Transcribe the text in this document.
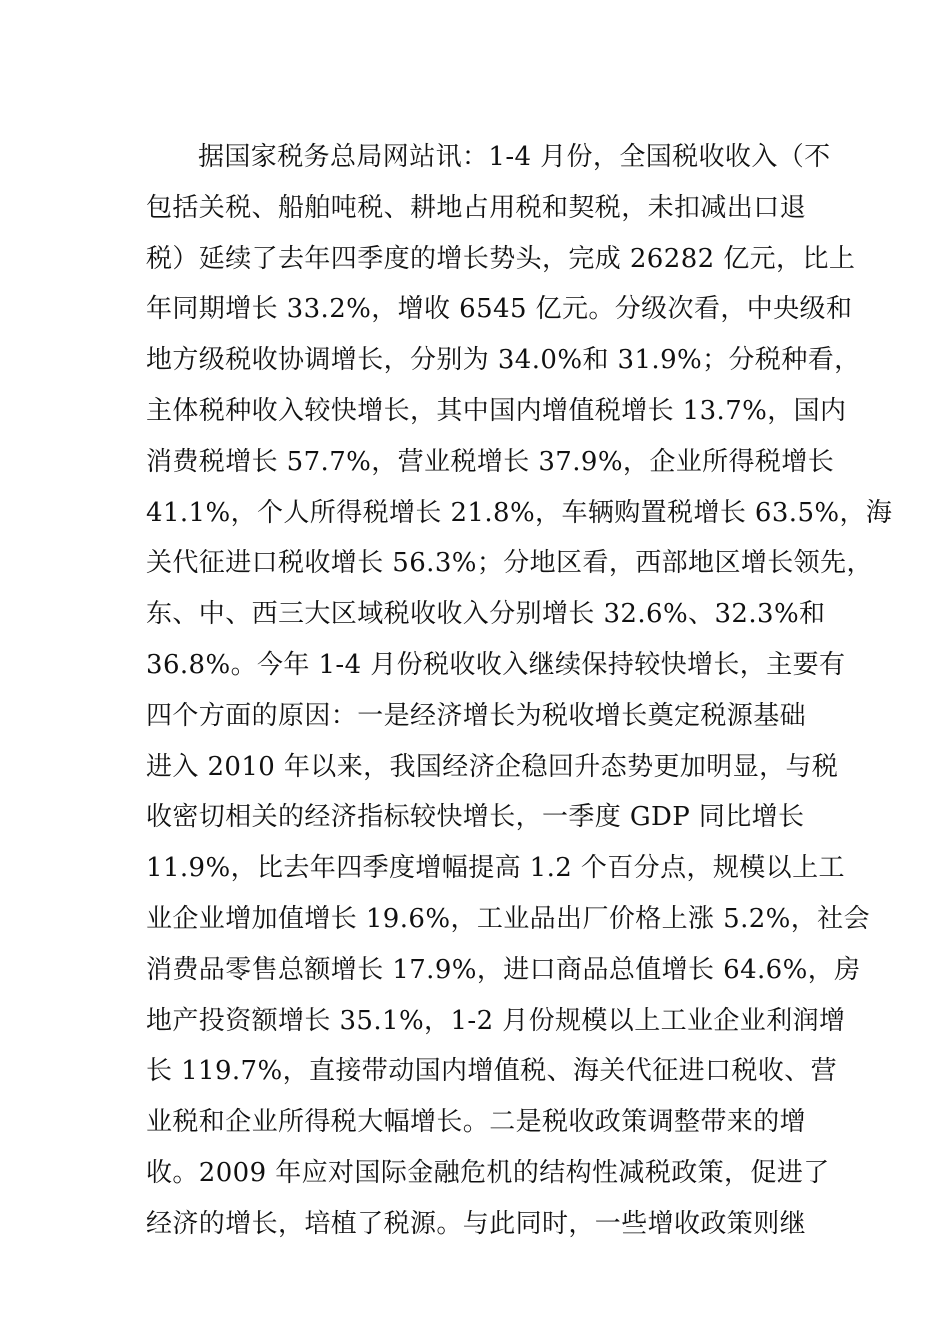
据国家税务总局网站讯：1-4 月份，全国税收收入（不
包括关税、船舶吨税、耕地占用税和契税，未扣减出口退
税）延续了去年四季度的增长势头，完成 26282 亿元，比上
年同期增长 33.2%，增收 6545 亿元。分级次看，中央级和
地方级税收协调增长，分别为 34.0%和 31.9%；分税种看，
主体税种收入较快增长，其中国内增值税增长 13.7%，国内
消费税增长 57.7%，营业税增长 37.9%，企业所得税增长
41.1%，个人所得税增长 21.8%，车辆购置税增长 63.5%，海
关代征进口税收增长 56.3%；分地区看，西部地区增长领先，
东、中、西三大区域税收收入分别增长 32.6%、32.3%和
36.8%。今年 1-4 月份税收收入继续保持较快增长，主要有
四个方面的原因：一是经济增长为税收增长奠定税源基础
进入 2010 年以来，我国经济企稳回升态势更加明显，与税
收密切相关的经济指标较快增长，一季度 GDP 同比增长
11.9%，比去年四季度增幅提高 1.2 个百分点，规模以上工
业企业增加值增长 19.6%，工业品出厂价格上涨 5.2%，社会
消费品零售总额增长 17.9%，进口商品总值增长 64.6%，房
地产投资额增长 35.1%，1-2 月份规模以上工业企业利润增
长 119.7%，直接带动国内增值税、海关代征进口税收、营
业税和企业所得税大幅增长。二是税收政策调整带来的增
收。2009 年应对国际金融危机的结构性减税政策，促进了
经济的增长，培植了税源。与此同时，一些增收政策则继
